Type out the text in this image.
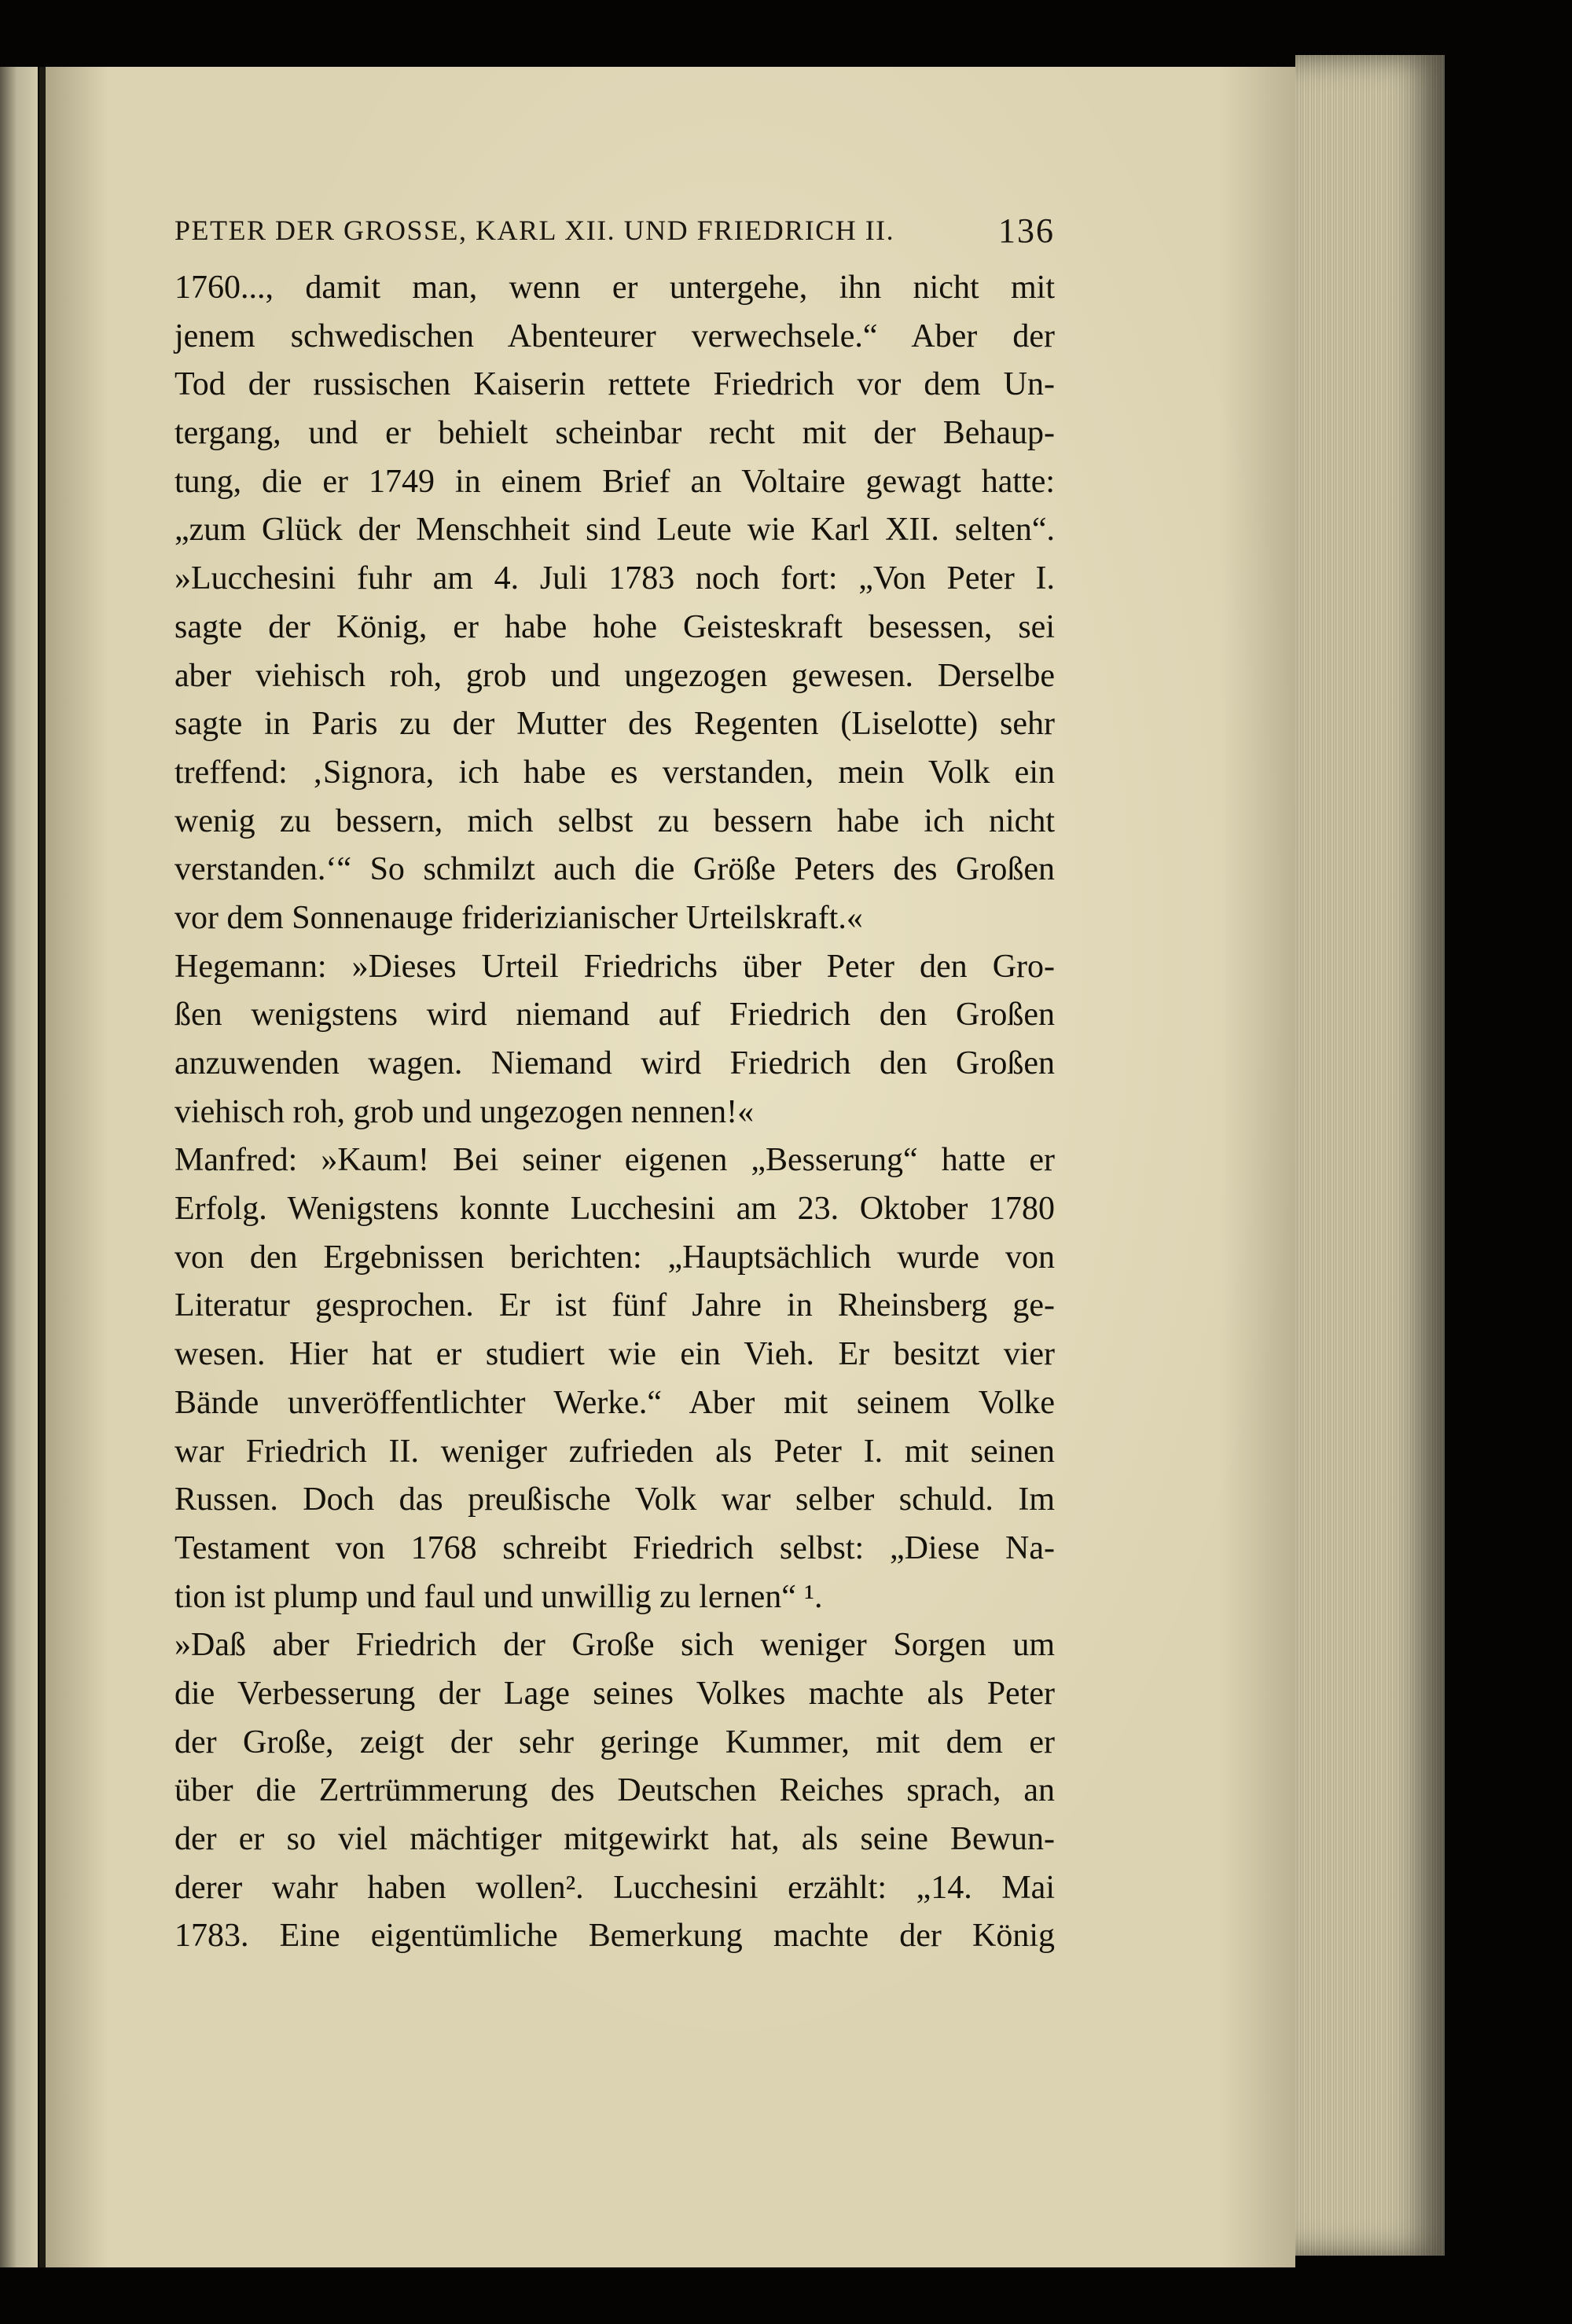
PETER DER GROSSE, KARL XII. UND FRIEDRICH II.	136
1760..., damit man, wenn er untergehe, ihn nicht mit
jenem schwedischen Abenteurer verwechsele.“ Aber der
Tod der russischen Kaiserin rettete Friedrich vor dem Un-
tergang, und er behielt scheinbar recht mit der Behaup-
tung, die er 1749 in einem Brief an Voltaire gewagt hatte:
„zum Glück der Menschheit sind Leute wie Karl XII. selten“.
»Lucchesini fuhr am 4. Juli 1783 noch fort: „Von Peter I.
sagte der König, er habe hohe Geisteskraft besessen, sei
aber viehisch roh, grob und ungezogen gewesen. Derselbe
sagte in Paris zu der Mutter des Regenten (Liselotte) sehr
treffend: ‚Signora, ich habe es verstanden, mein Volk ein
wenig zu bessern, mich selbst zu bessern habe ich nicht
verstanden.‘“ So schmilzt auch die Größe Peters des Großen
vor dem Sonnenauge friderizianischer Urteilskraft.«
Hegemann: »Dieses Urteil Friedrichs über Peter den Gro-
ßen wenigstens wird niemand auf Friedrich den Großen
anzuwenden wagen. Niemand wird Friedrich den Großen
viehisch roh, grob und ungezogen nennen!«
Manfred: »Kaum! Bei seiner eigenen „Besserung“ hatte er
Erfolg. Wenigstens konnte Lucchesini am 23. Oktober 1780
von den Ergebnissen berichten: „Hauptsächlich wurde von
Literatur gesprochen. Er ist fünf Jahre in Rheinsberg ge-
wesen. Hier hat er studiert wie ein Vieh. Er besitzt vier
Bände unveröffentlichter Werke.“ Aber mit seinem Volke
war Friedrich II. weniger zufrieden als Peter I. mit seinen
Russen. Doch das preußische Volk war selber schuld. Im
Testament von 1768 schreibt Friedrich selbst: „Diese Na-
tion ist plump und faul und unwillig zu lernen“ ¹.
»Daß aber Friedrich der Große sich weniger Sorgen um
die Verbesserung der Lage seines Volkes machte als Peter
der Große, zeigt der sehr geringe Kummer, mit dem er
über die Zertrümmerung des Deutschen Reiches sprach, an
der er so viel mächtiger mitgewirkt hat, als seine Bewun-
derer wahr haben wollen². Lucchesini erzählt: „14. Mai
1783. Eine eigentümliche Bemerkung machte der König
